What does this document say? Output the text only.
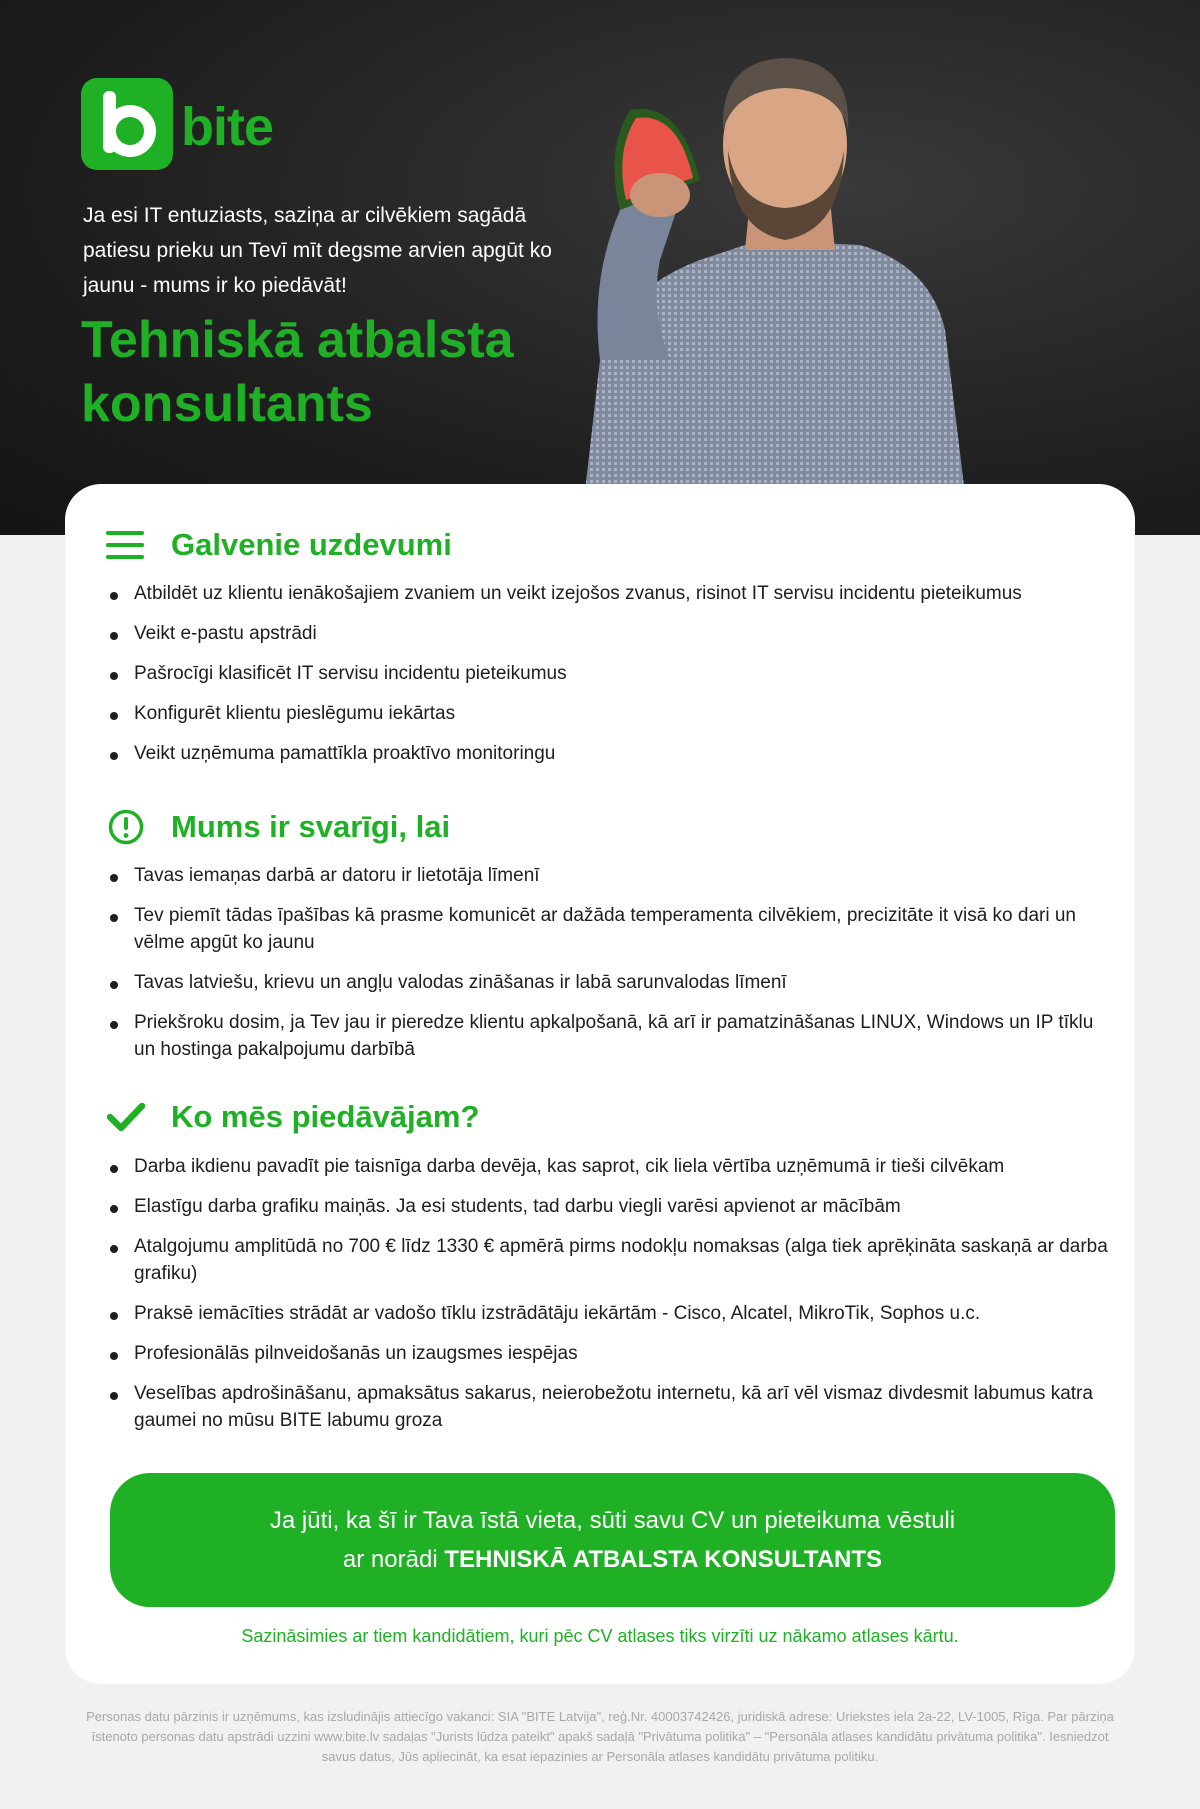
bite
Ja esi IT entuziasts, saziņa ar cilvēkiem sagādā patiesu prieku un Tevī mīt degsme arvien apgūt ko jaunu - mums ir ko piedāvāt!
Tehniskā atbalsta konsultants
Galvenie uzdevumi
Atbildēt uz klientu ienākošajiem zvaniem un veikt izejošos zvanus, risinot IT servisu incidentu pieteikumus
Veikt e-pastu apstrādi
Pašrocīgi klasificēt IT servisu incidentu pieteikumus
Konfigurēt klientu pieslēgumu iekārtas
Veikt uzņēmuma pamattīkla proaktīvo monitoringu
Mums ir svarīgi, lai
Tavas iemaņas darbā ar datoru ir lietotāja līmenī
Tev piemīt tādas īpašības kā prasme komunicēt ar dažāda temperamenta cilvēkiem, precizitāte it visā ko dari un vēlme apgūt ko jaunu
Tavas latviešu, krievu un angļu valodas zināšanas ir labā sarunvalodas līmenī
Priekšroku dosim, ja Tev jau ir pieredze klientu apkalpošanā, kā arī ir pamatzināšanas LINUX, Windows un IP tīklu un hostinga pakalpojumu darbībā
Ko mēs piedāvājam?
Darba ikdienu pavadīt pie taisnīga darba devēja, kas saprot, cik liela vērtība uzņēmumā ir tieši cilvēkam
Elastīgu darba grafiku maiņās. Ja esi students, tad darbu viegli varēsi apvienot ar mācībām
Atalgojumu amplitūdā no 700 € līdz 1330 € apmērā pirms nodokļu nomaksas (alga tiek aprēķināta saskaņā ar darba grafiku)
Praksē iemācīties strādāt ar vadošo tīklu izstrādātāju iekārtām - Cisco, Alcatel, MikroTik, Sophos u.c.
Profesionālās pilnveidošanās un izaugsmes iespējas
Veselības apdrošināšanu, apmaksātus sakarus, neierobežotu internetu, kā arī vēl vismaz divdesmit labumus katra gaumei no mūsu BITE labumu groza
Ja jūti, ka šī ir Tava īstā vieta, sūti savu CV un pieteikuma vēstuli
ar norādi TEHNISKĀ ATBALSTA KONSULTANTS
Sazināsimies ar tiem kandidātiem, kuri pēc CV atlases tiks virzīti uz nākamo atlases kārtu.
Personas datu pārzinis ir uzņēmums, kas izsludinājis attiecīgo vakanci: SIA "BITE Latvija", reģ.Nr. 40003742426, juridiskā adrese: Uriekstes iela 2a-22, LV-1005, Rīga. Par pārziņa īstenoto personas datu apstrādi uzzini www.bite.lv sadaļas "Jurists lūdza pateikt" apakš sadaļā "Privātuma politika" – "Personāla atlases kandidātu privātuma politika". Iesniedzot savus datus, Jūs apliecināt, ka esat iepazinies ar Personāla atlases kandidātu privātuma politiku.
